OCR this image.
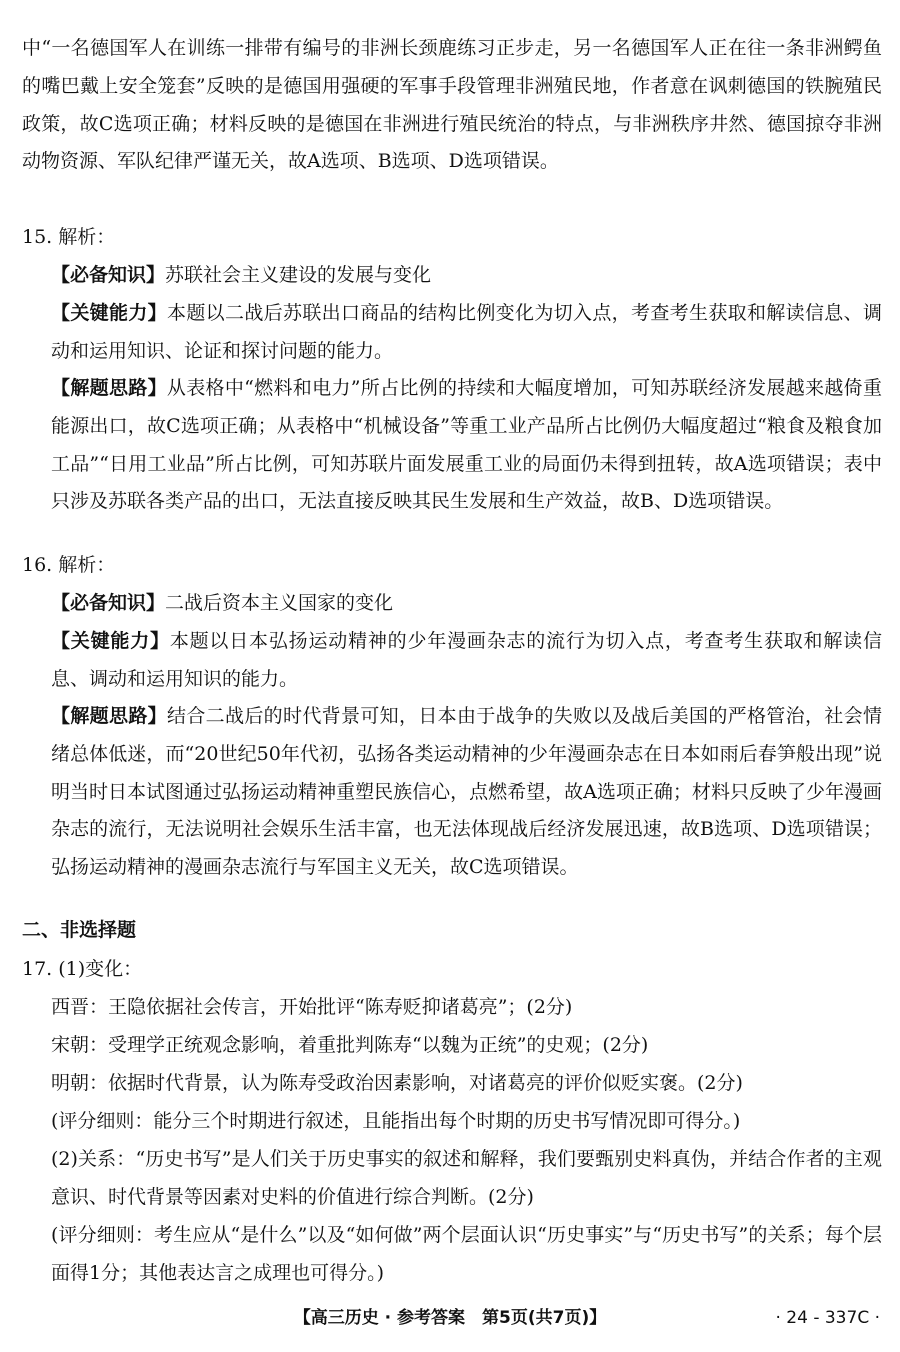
中“一名德国军人在训练一排带有编号的非洲长颈鹿练习正步走，另一名德国军人正在往一条非洲鳄鱼的嘴巴戴上安全笼套”反映的是德国用强硬的军事手段管理非洲殖民地，作者意在讽刺德国的铁腕殖民政策，故C选项正确；材料反映的是德国在非洲进行殖民统治的特点，与非洲秩序井然、德国掠夺非洲动物资源、军队纪律严谨无关，故A选项、B选项、D选项错误。
15. 解析：
【必备知识】苏联社会主义建设的发展与变化
【关键能力】本题以二战后苏联出口商品的结构比例变化为切入点，考查考生获取和解读信息、调动和运用知识、论证和探讨问题的能力。
【解题思路】从表格中“燃料和电力”所占比例的持续和大幅度增加，可知苏联经济发展越来越倚重能源出口，故C选项正确；从表格中“机械设备”等重工业产品所占比例仍大幅度超过“粮食及粮食加工品”“日用工业品”所占比例，可知苏联片面发展重工业的局面仍未得到扭转，故A选项错误；表中只涉及苏联各类产品的出口，无法直接反映其民生发展和生产效益，故B、D选项错误。
16. 解析：
【必备知识】二战后资本主义国家的变化
【关键能力】本题以日本弘扬运动精神的少年漫画杂志的流行为切入点，考查考生获取和解读信息、调动和运用知识的能力。
【解题思路】结合二战后的时代背景可知，日本由于战争的失败以及战后美国的严格管治，社会情绪总体低迷，而“20世纪50年代初，弘扬各类运动精神的少年漫画杂志在日本如雨后春笋般出现”说明当时日本试图通过弘扬运动精神重塑民族信心，点燃希望，故A选项正确；材料只反映了少年漫画杂志的流行，无法说明社会娱乐生活丰富，也无法体现战后经济发展迅速，故B选项、D选项错误；弘扬运动精神的漫画杂志流行与军国主义无关，故C选项错误。
二、非选择题
17. (1)变化：
西晋：王隐依据社会传言，开始批评“陈寿贬抑诸葛亮”；(2分)
宋朝：受理学正统观念影响，着重批判陈寿“以魏为正统”的史观；(2分)
明朝：依据时代背景，认为陈寿受政治因素影响，对诸葛亮的评价似贬实褒。(2分)
(评分细则：能分三个时期进行叙述，且能指出每个时期的历史书写情况即可得分。)
(2)关系：“历史书写”是人们关于历史事实的叙述和解释，我们要甄别史料真伪，并结合作者的主观意识、时代背景等因素对史料的价值进行综合判断。(2分)
(评分细则：考生应从“是什么”以及“如何做”两个层面认识“历史事实”与“历史书写”的关系；每个层面得1分；其他表达言之成理也可得分。)
【高三历史 · 参考答案　第5页(共7页)】	· 24 - 337C ·
